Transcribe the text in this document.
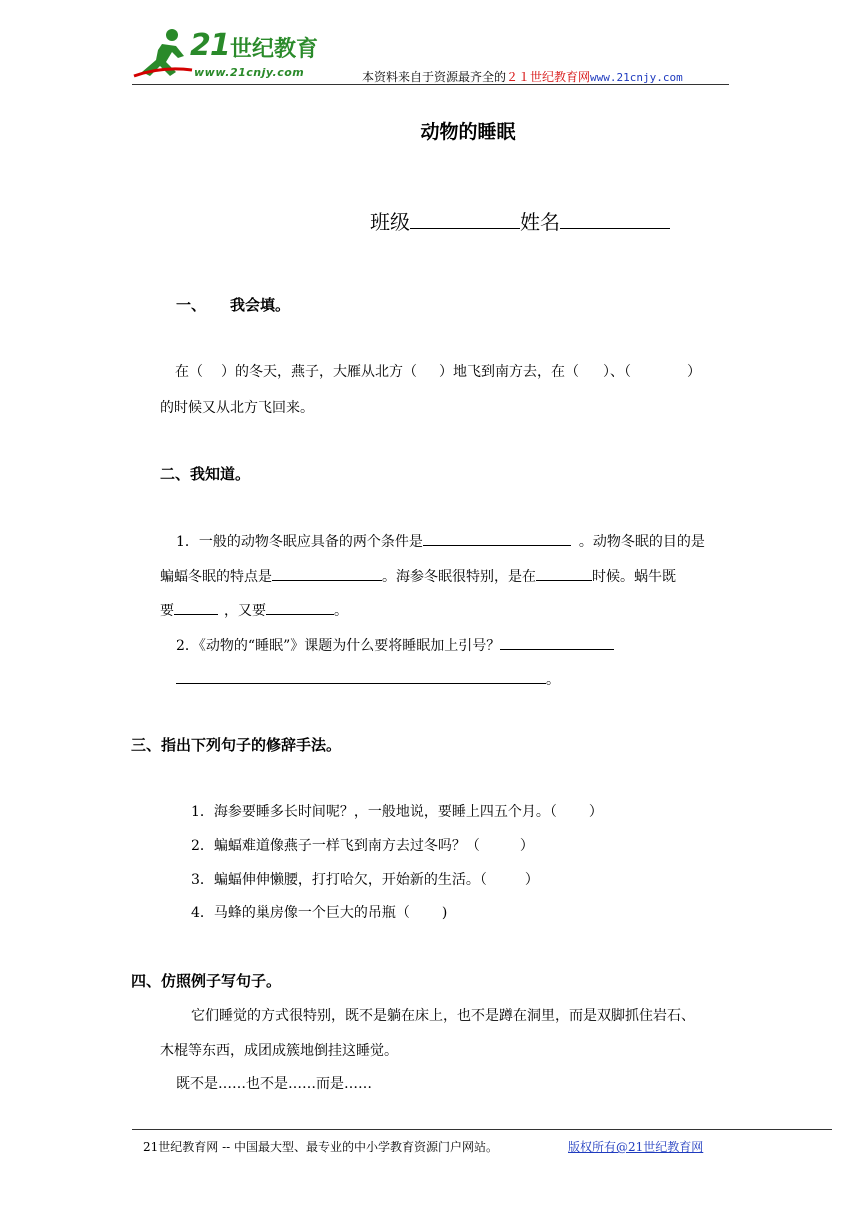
21 世纪教育
www.21cnjy.com	本资料来自于资源最齐全的２１世纪教育网www.21cnjy.com
动物的睡眠
班级	姓名
一、 我会填。
在（ ）的冬天，燕子，大雁从北方（ ）地飞到南方去，在（ ）、（	）
的时候又从北方飞回来。
二、我知道。
1．一般的动物冬眠应具备的两个条件是	。动物冬眠的目的是
蝙蝠冬眠的特点是	。海参冬眠很特别，是在	时候。蜗牛既
要	，又要	。
2．《动物的“睡眠”》课题为什么要将睡眠加上引号？
。
三、指出下列句子的修辞手法。
1．海参要睡多长时间呢？，一般地说，要睡上四五个月。（ ）
2．蝙蝠难道像燕子一样飞到南方去过冬吗？（	）
3．蝙蝠伸伸懒腰，打打哈欠，开始新的生活。（	）
4．马蜂的巢房像一个巨大的吊瓶（ )
四、仿照例子写句子。
它们睡觉的方式很特别，既不是躺在床上，也不是蹲在洞里，而是双脚抓住岩石、
木棍等东西，成团成簇地倒挂这睡觉。
既不是……也不是……而是……
21世纪教育网 -- 中国最大型、最专业的中小学教育资源门户网站。	版权所有@21世纪教育网
